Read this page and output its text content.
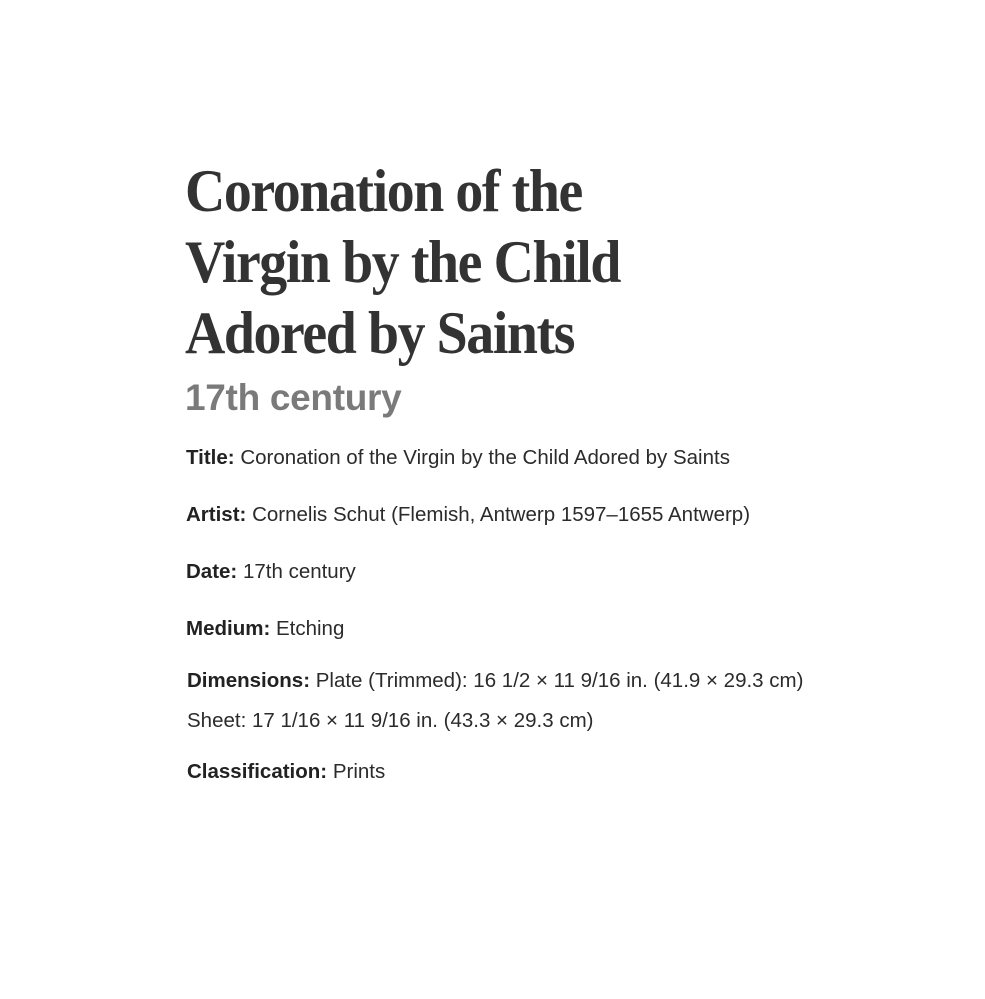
Coronation of the Virgin by the Child Adored by Saints
17th century
Title: Coronation of the Virgin by the Child Adored by Saints
Artist: Cornelis Schut (Flemish, Antwerp 1597–1655 Antwerp)
Date: 17th century
Medium: Etching
Dimensions: Plate (Trimmed): 16 1/2 × 11 9/16 in. (41.9 × 29.3 cm)
Sheet: 17 1/16 × 11 9/16 in. (43.3 × 29.3 cm)
Classification: Prints
